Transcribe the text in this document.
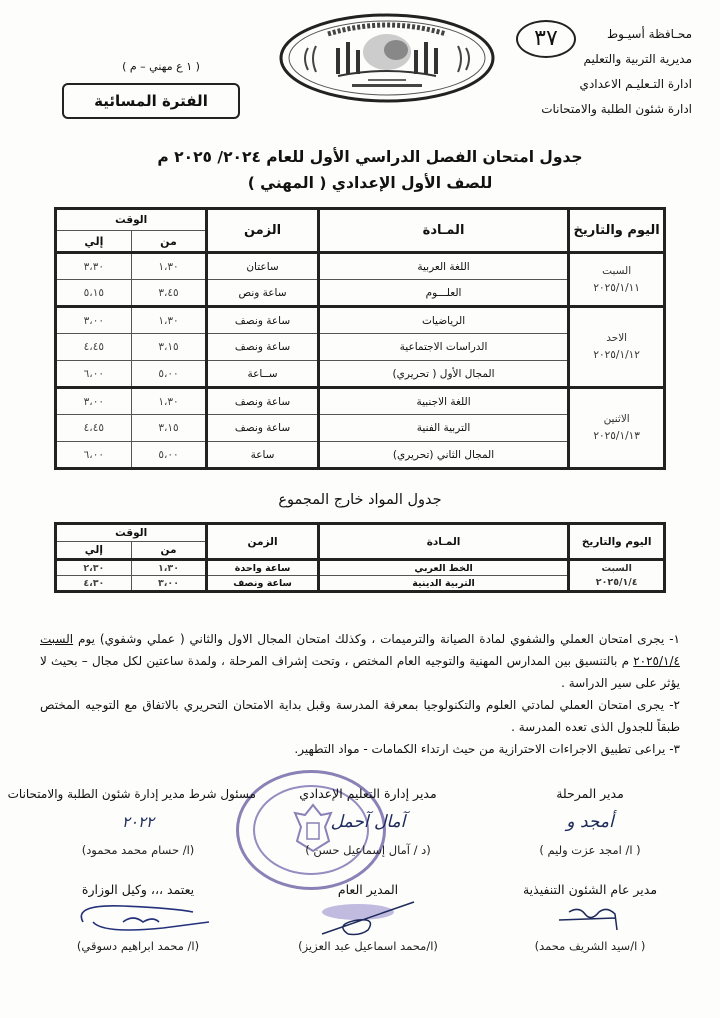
محـافظة أسيـوط
مديرية التربية والتعليم
ادارة التـعليـم الاعدادي
ادارة شئون الطلبة والامتحانات
٣٧
( ١ ع مهني – م )
الفترة المسائية
جدول امتحان الفصل الدراسي الأول للعام ٢٠٢٤/ ٢٠٢٥ م
للصف الأول الإعدادي ( المهني )
اليوم والتاريخ	المـادة	الزمن	الوقت	
			من	إلي

السبت
٢٠٢٥/١/١١	اللغة العربية	ساعتان	١،٣٠	٣،٣٠
	العلـــوم	ساعة ونص	٣،٤٥	٥،١٥

الاحد
٢٠٢٥/١/١٢	الرياضيات	ساعة ونصف	١،٣٠	٣،٠٠
	الدراسات الاجتماعية	ساعة ونصف	٣،١٥	٤،٤٥
	المجال الأول ( تحريري)	ســاعة	٥،٠٠	٦،٠٠

الاثنين
٢٠٢٥/١/١٣	اللغة الاجنبية	ساعة ونصف	١،٣٠	٣،٠٠
	التربية الفنية	ساعة ونصف	٣،١٥	٤،٤٥
	المجال الثاني (تحريري)	ساعة	٥،٠٠	٦،٠٠
جدول المواد خارج المجموع
اليوم والتاريخ	المـادة	الزمن	الوقت	
			من	إلي

السبت
٢٠٢٥/١/٤	الخط العربي	ساعة واحدة	١،٣٠	٢،٣٠
	التربية الدينية	ساعة ونصف	٣،٠٠	٤،٣٠

١- يجرى امتحان العملي والشفوي لمادة الصيانة والترميمات ، وكذلك امتحان المجال الاول والثاني ( عملي وشفوي) يوم السبت ٢٠٢٥/١/٤ م بالتنسيق بين المدارس المهنية والتوجيه العام المختص ، وتحت إشراف المرحلة ، ولمدة ساعتين لكل مجال – بحيث لا يؤثر على سير الدراسة .

٢- يجرى امتحان العملي لمادتي العلوم والتكنولوجيا بمعرفة المدرسة وقبل بداية الامتحان التحريري بالاتفاق مع التوجيه المختص طبقاً للجدول الذى تعده المدرسة .

٣- يراعى تطبيق الاجراءات الاحترازية من حيث ارتداء الكمامات - مواد التطهير.

مدير المرحلة
أمجد و
( ا/ امجد عزت وليم )
مدير إدارة التعليم الإعدادي
آمال آحمل
(د / آمال إسماعيل حسن )
مسئول شرط مدير إدارة شئون الطلبة والامتحانات
٢٠٢٢
(ا/ حسام محمد محمود)
مدير عام الشئون التنفيذية
( ا/سيد الشريف محمد)
المدير العام
(ا/محمد اسماعيل عبد العزيز)
يعتمد ،،، وكيل الوزارة
(ا/ محمد ابراهيم دسوقي)
